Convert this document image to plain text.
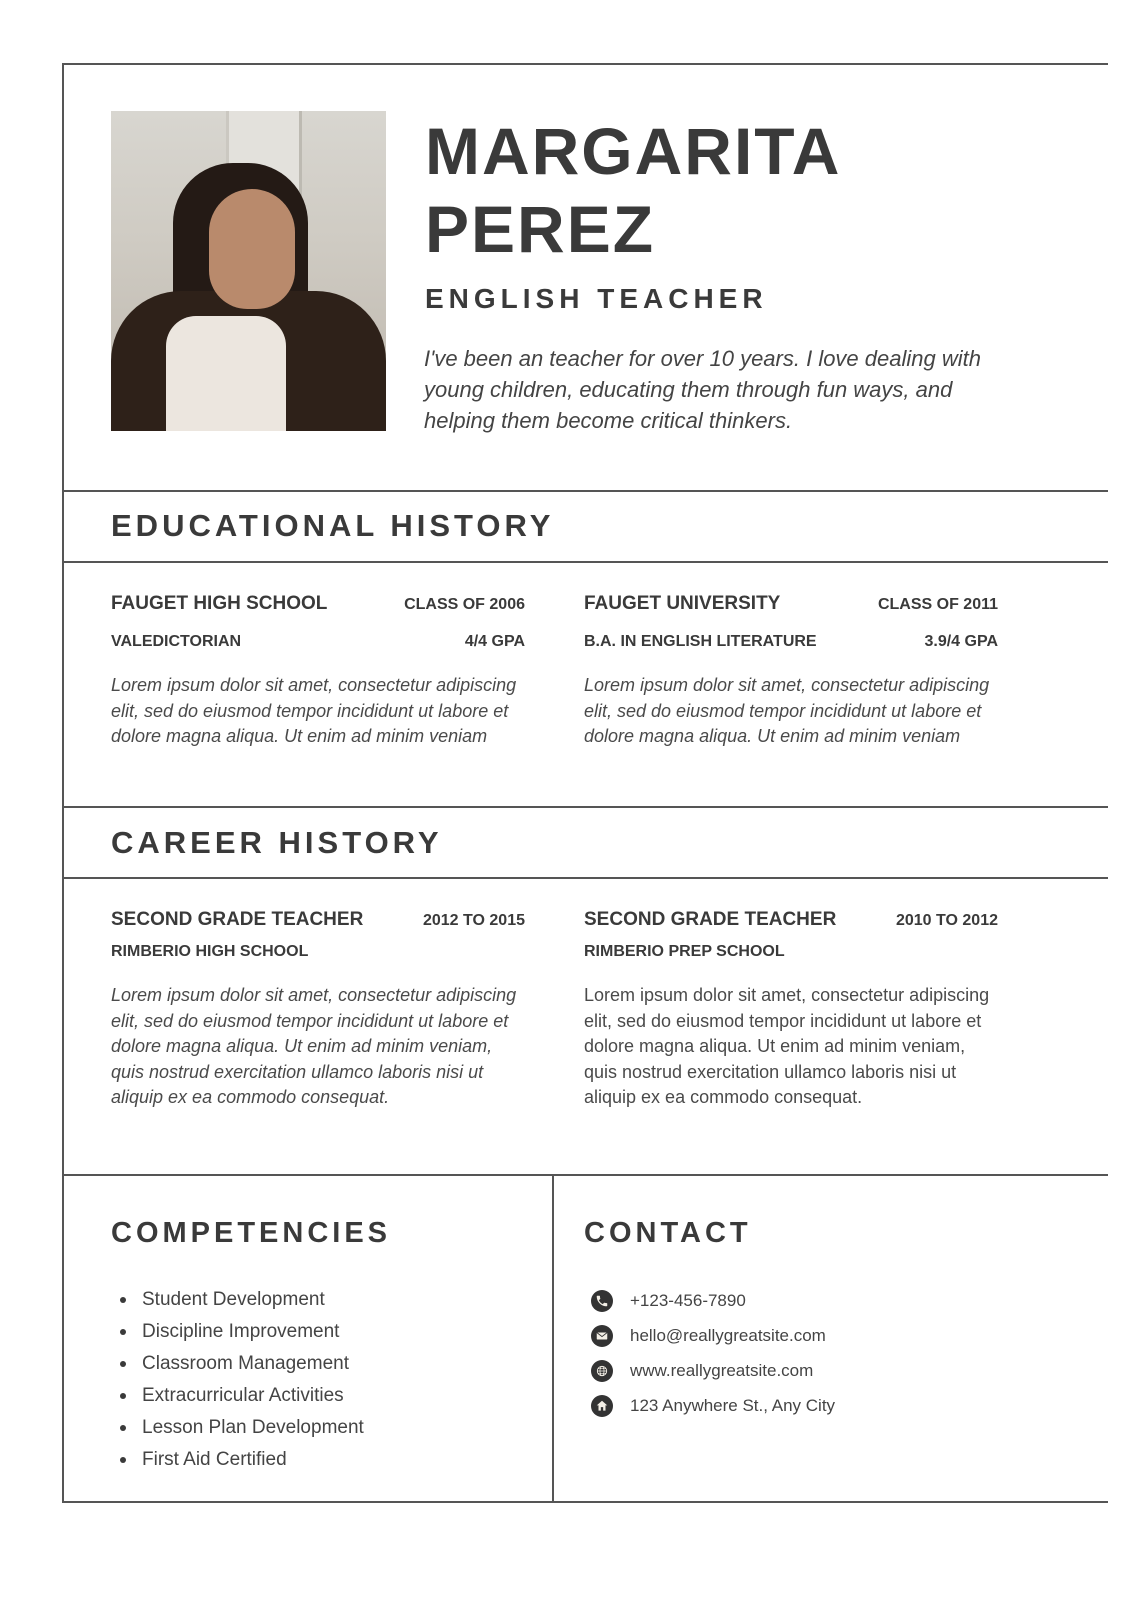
MARGARITA
PEREZ
ENGLISH TEACHER
I've been an teacher for over 10 years. I love dealing with young children, educating them through fun ways, and helping them become critical thinkers.
EDUCATIONAL HISTORY
FAUGET HIGH SCHOOL	CLASS OF 2006
VALEDICTORIAN	4/4 GPA
Lorem ipsum dolor sit amet, consectetur adipiscing elit, sed do eiusmod tempor incididunt ut labore et dolore magna aliqua. Ut enim ad minim veniam
FAUGET UNIVERSITY	CLASS OF 2011
B.A. IN ENGLISH LITERATURE	3.9/4 GPA
Lorem ipsum dolor sit amet, consectetur adipiscing elit, sed do eiusmod tempor incididunt ut labore et dolore magna aliqua. Ut enim ad minim veniam
CAREER HISTORY
SECOND GRADE TEACHER	2012 TO 2015
RIMBERIO HIGH SCHOOL
Lorem ipsum dolor sit amet, consectetur adipiscing elit, sed do eiusmod tempor incididunt ut labore et dolore magna aliqua. Ut enim ad minim veniam, quis nostrud exercitation ullamco laboris nisi ut aliquip ex ea commodo consequat.
SECOND GRADE TEACHER	2010 TO 2012
RIMBERIO PREP SCHOOL
Lorem ipsum dolor sit amet, consectetur adipiscing elit, sed do eiusmod tempor incididunt ut labore et dolore magna aliqua. Ut enim ad minim veniam, quis nostrud exercitation ullamco laboris nisi ut aliquip ex ea commodo consequat.
COMPETENCIES
Student Development
Discipline Improvement
Classroom Management
Extracurricular Activities
Lesson Plan Development
First Aid Certified
CONTACT
+123-456-7890
hello@reallygreatsite.com
www.reallygreatsite.com
123 Anywhere St., Any City
